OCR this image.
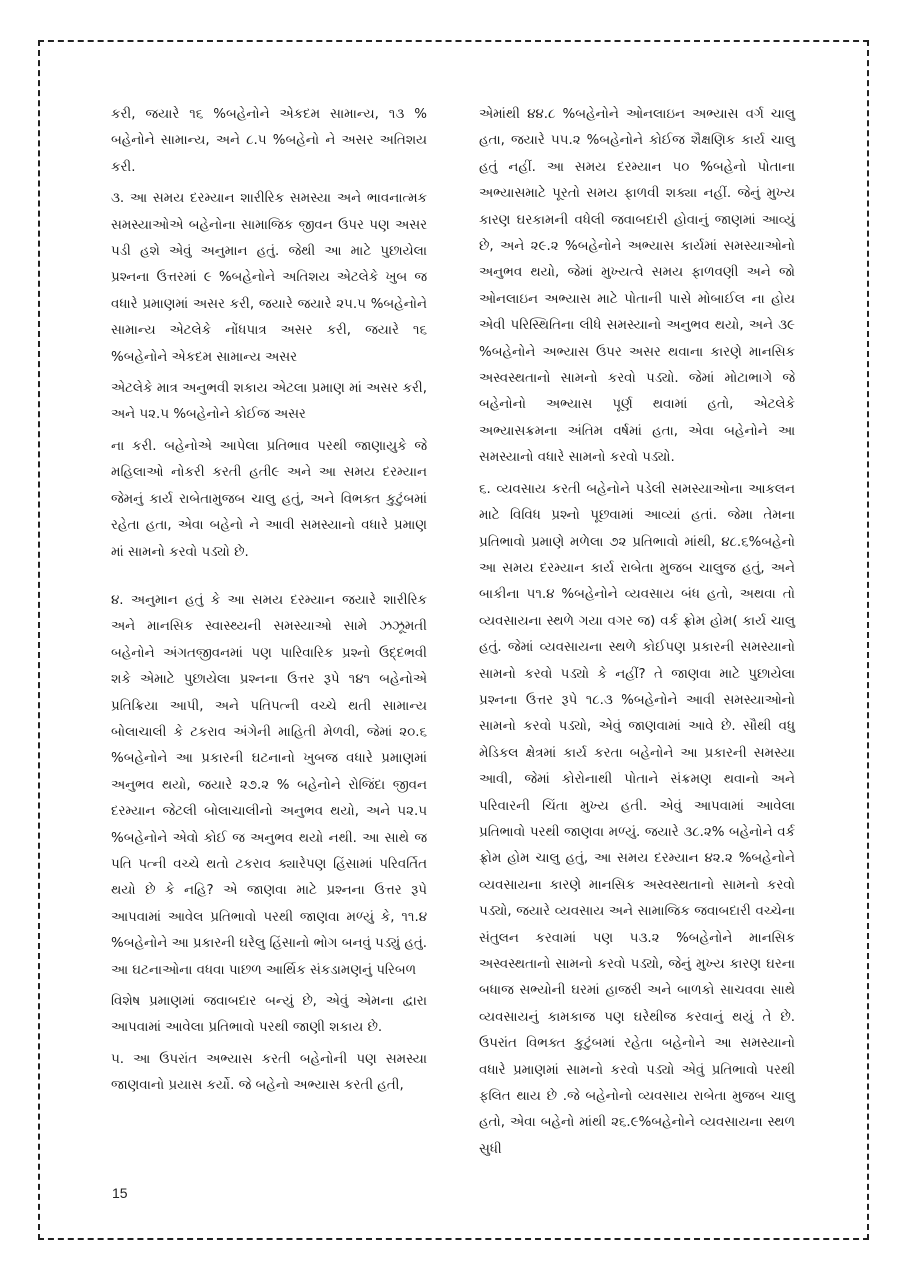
કરી, જયારે ૧૬ %બહેનોને એકદમ સામાન્ય, ૧૩ % બહેનોને સામાન્ય, અને ૮.૫ %બહેનો ને અસર અતિશય કરી.

૩. આ સમય દરમ્યાન શારીરિક સમસ્યા અને ભાવનાત્મક સમસ્યાઓએ બહેનોના સામાજિક જીવન ઉપર પણ અસર પડી હશે એવું અનુમાન હતું. જેથી આ માટે પુછાયેલા પ્રશ્નના ઉત્તરમાં ૯ %બહેનોને અતિશય એટલેકે ખુબ જ વધારે પ્રમાણમાં અસર કરી, જયારે જયારે ૨૫.૫ %બહેનોને સામાન્ય એટલેકે નોંધપાત્ર અસર કરી, જયારે ૧૬ %બહેનોને એકદમ સામાન્ય અસર

એટલેકે માત્ર અનુભવી શકાય એટલા પ્રમાણ માં અસર કરી, અને ૫૨.૫ %બહેનોને કોઈજ અસર

ના કરી. બહેનોએ આપેલા પ્રતિભાવ પરથી જાણાયુકે જે મહિલાઓ નોકરી કરતી હતી૯ અને આ સમય દરમ્યાન જેમનું કાર્ય રાબેતામુજબ ચાલુ હતું, અને વિભક્ત કુટુંબમાં રહેતા હતા, એવા બહેનો ને આવી સમસ્યાનો વધારે પ્રમાણ માં સામનો કરવો પડ્યો છે.

૪. અનુમાન હતું કે આ સમય દરમ્યાન જયારે શારીરિક અને માનસિક સ્વાસ્થ્યની સમસ્યાઓ સામે ઝઝૂમતી બહેનોને અંગતજીવનમાં પણ પારિવારિક પ્રશ્નો ઉદ્દભવી શકે એમાટે પુછાયેલા પ્રશ્નના ઉત્તર રૂપે ૧૪૧ બહેનોએ પ્રતિક્રિયા આપી, અને પતિપત્ની વચ્ચે થતી સામાન્ય બોલાચાલી કે ટકરાવ અંગેની માહિતી મેળવી, જેમાં ૨૦.૬ %બહેનોને આ પ્રકારની ઘટનાનો ખુબજ વધારે પ્રમાણમાં અનુભવ થયો, જયારે ૨૭.૨ % બહેનોને રોજિંદા જીવન દરમ્યાન જેટલી બોલાચાલીનો અનુભવ થયો, અને ૫૨.૫ %બહેનોને એવો કોઈ જ અનુભવ થયો નથી. આ સાથે જ પતિ પત્ની વચ્ચે થતો ટકરાવ ક્યારેપણ હિંસામાં પરિવર્તિત થયો છે કે નહિ? એ જાણવા માટે પ્રશ્નના ઉત્તર રૂપે આપવામાં આવેલ પ્રતિભાવો પરથી જાણવા મળ્યું કે, ૧૧.૪ %બહેનોને આ પ્રકારની ઘરેલુ હિંસાનો ભોગ બનવું પડ્યું હતું. આ ઘટનાઓના વધવા પાછળ આર્થિક સંકડામણનું પરિબળ

વિશેષ પ્રમાણમાં જવાબદાર બન્યું છે, એવું એમના દ્વારા આપવામાં આવેલા પ્રતિભાવો પરથી જાણી શકાય છે.

૫. આ ઉપરાંત અભ્યાસ કરતી બહેનોની પણ સમસ્યા જાણવાનો પ્રયાસ કર્યો. જે બહેનો અભ્યાસ કરતી હતી,

એમાંથી ૪૪.૮ %બહેનોને ઓનલાઇન અભ્યાસ વર્ગ ચાલુ હતા, જયારે ૫૫.૨ %બહેનોને કોઈજ શૈક્ષણિક કાર્ય ચાલુ હતું નહીં. આ સમય દરમ્યાન ૫૦ %બહેનો પોતાના અભ્યાસમાટે પૂરતો સમય ફાળવી શક્યા નહીં. જેનું મુખ્ય કારણ ઘરકામની વધેલી જવાબદારી હોવાનું જાણમાં આવ્યું છે, અને ૨૯.૨ %બહેનોને અભ્યાસ કાર્યમાં સમસ્યાઓનો અનુભવ થયો, જેમાં મુખ્યત્વે સમય ફાળવણી અને જો ઓનલાઇન અભ્યાસ માટે પોતાની પાસે મોબાઈલ ના હોય એવી પરિસ્થિતિના લીધે સમસ્યાનો અનુભવ થયો, અને ૩૯ %બહેનોને અભ્યાસ ઉપર અસર થવાના કારણે માનસિક અસ્વસ્થતાનો સામનો કરવો પડ્યો. જેમાં મોટાભાગે જે બહેનોનો અભ્યાસ પૂર્ણ થવામાં હતો, એટલેકે અભ્યાસક્રમના અંતિમ વર્ષમાં હતા, એવા બહેનોને આ સમસ્યાનો વધારે સામનો કરવો પડ્યો.

૬. વ્યવસાય કરતી બહેનોને પડેલી સમસ્યાઓના આકલન માટે વિવિધ પ્રશ્નો પૂછવામાં આવ્યાં હતાં. જેમા તેમના પ્રતિભાવો પ્રમાણે મળેલા ૭૨ પ્રતિભાવો માંથી, ૪૮.૬%બહેનો આ સમય દરમ્યાન કાર્ય રાબેતા મુજબ ચાલુજ હતું, અને બાકીના ૫૧.૪ %બહેનોને વ્યવસાય બંધ હતો, અથવા તો વ્યવસાયના સ્થળે ગયા વગર જ) વર્ક ફ્રોમ હોમ( કાર્ય ચાલુ હતું. જેમાં વ્યવસાયના સ્થળે કોઈપણ પ્રકારની સમસ્યાનો સામનો કરવો પડ્યો કે નહીં? તે જાણવા માટે પુછાયેલા પ્રશ્નના ઉત્તર રૂપે ૧૮.૩ %બહેનોને આવી સમસ્યાઓનો સામનો કરવો પડ્યો, એવું જાણવામાં આવે છે. સૌથી વધુ મેડિકલ ક્ષેત્રમાં કાર્ય કરતા બહેનોને આ પ્રકારની સમસ્યા આવી, જેમાં કોરોનાથી પોતાને સંક્રમણ થવાનો અને પરિવારની ચિંતા મુખ્ય હતી. એવું આપવામાં આવેલા પ્રતિભાવો પરથી જાણવા મળ્યું. જયારે ૩૮.૨% બહેનોને વર્ક ફ્રોમ હોમ ચાલુ હતું, આ સમય દરમ્યાન ૪૨.૨ %બહેનોને વ્યવસાયના કારણે માનસિક અસ્વસ્થતાનો સામનો કરવો પડ્યો, જયારે વ્યવસાય અને સામાજિક જવાબદારી વચ્ચેના સંતુલન કરવામાં પણ ૫૩.૨ %બહેનોને માનસિક અસ્વસ્થતાનો સામનો કરવો પડ્યો, જેનું મુખ્ય કારણ ઘરના બધાજ સભ્યોની ઘરમાં હાજરી અને બાળકો સાચવવા સાથે વ્યવસાયનું કામકાજ પણ ઘરેથીજ કરવાનું થયું તે છે. ઉપરાંત વિભક્ત કુટુંબમાં રહેતા બહેનોને આ સમસ્યાનો વધારે પ્રમાણમાં સામનો કરવો પડ્યો એવું પ્રતિભાવો પરથી ફલિત થાય છે .જે બહેનોનો વ્યવસાય રાબેતા મુજબ ચાલુ હતો, એવા બહેનો માંથી ૨૬.૯%બહેનોને વ્યવસાયના સ્થળ સુધી

15
